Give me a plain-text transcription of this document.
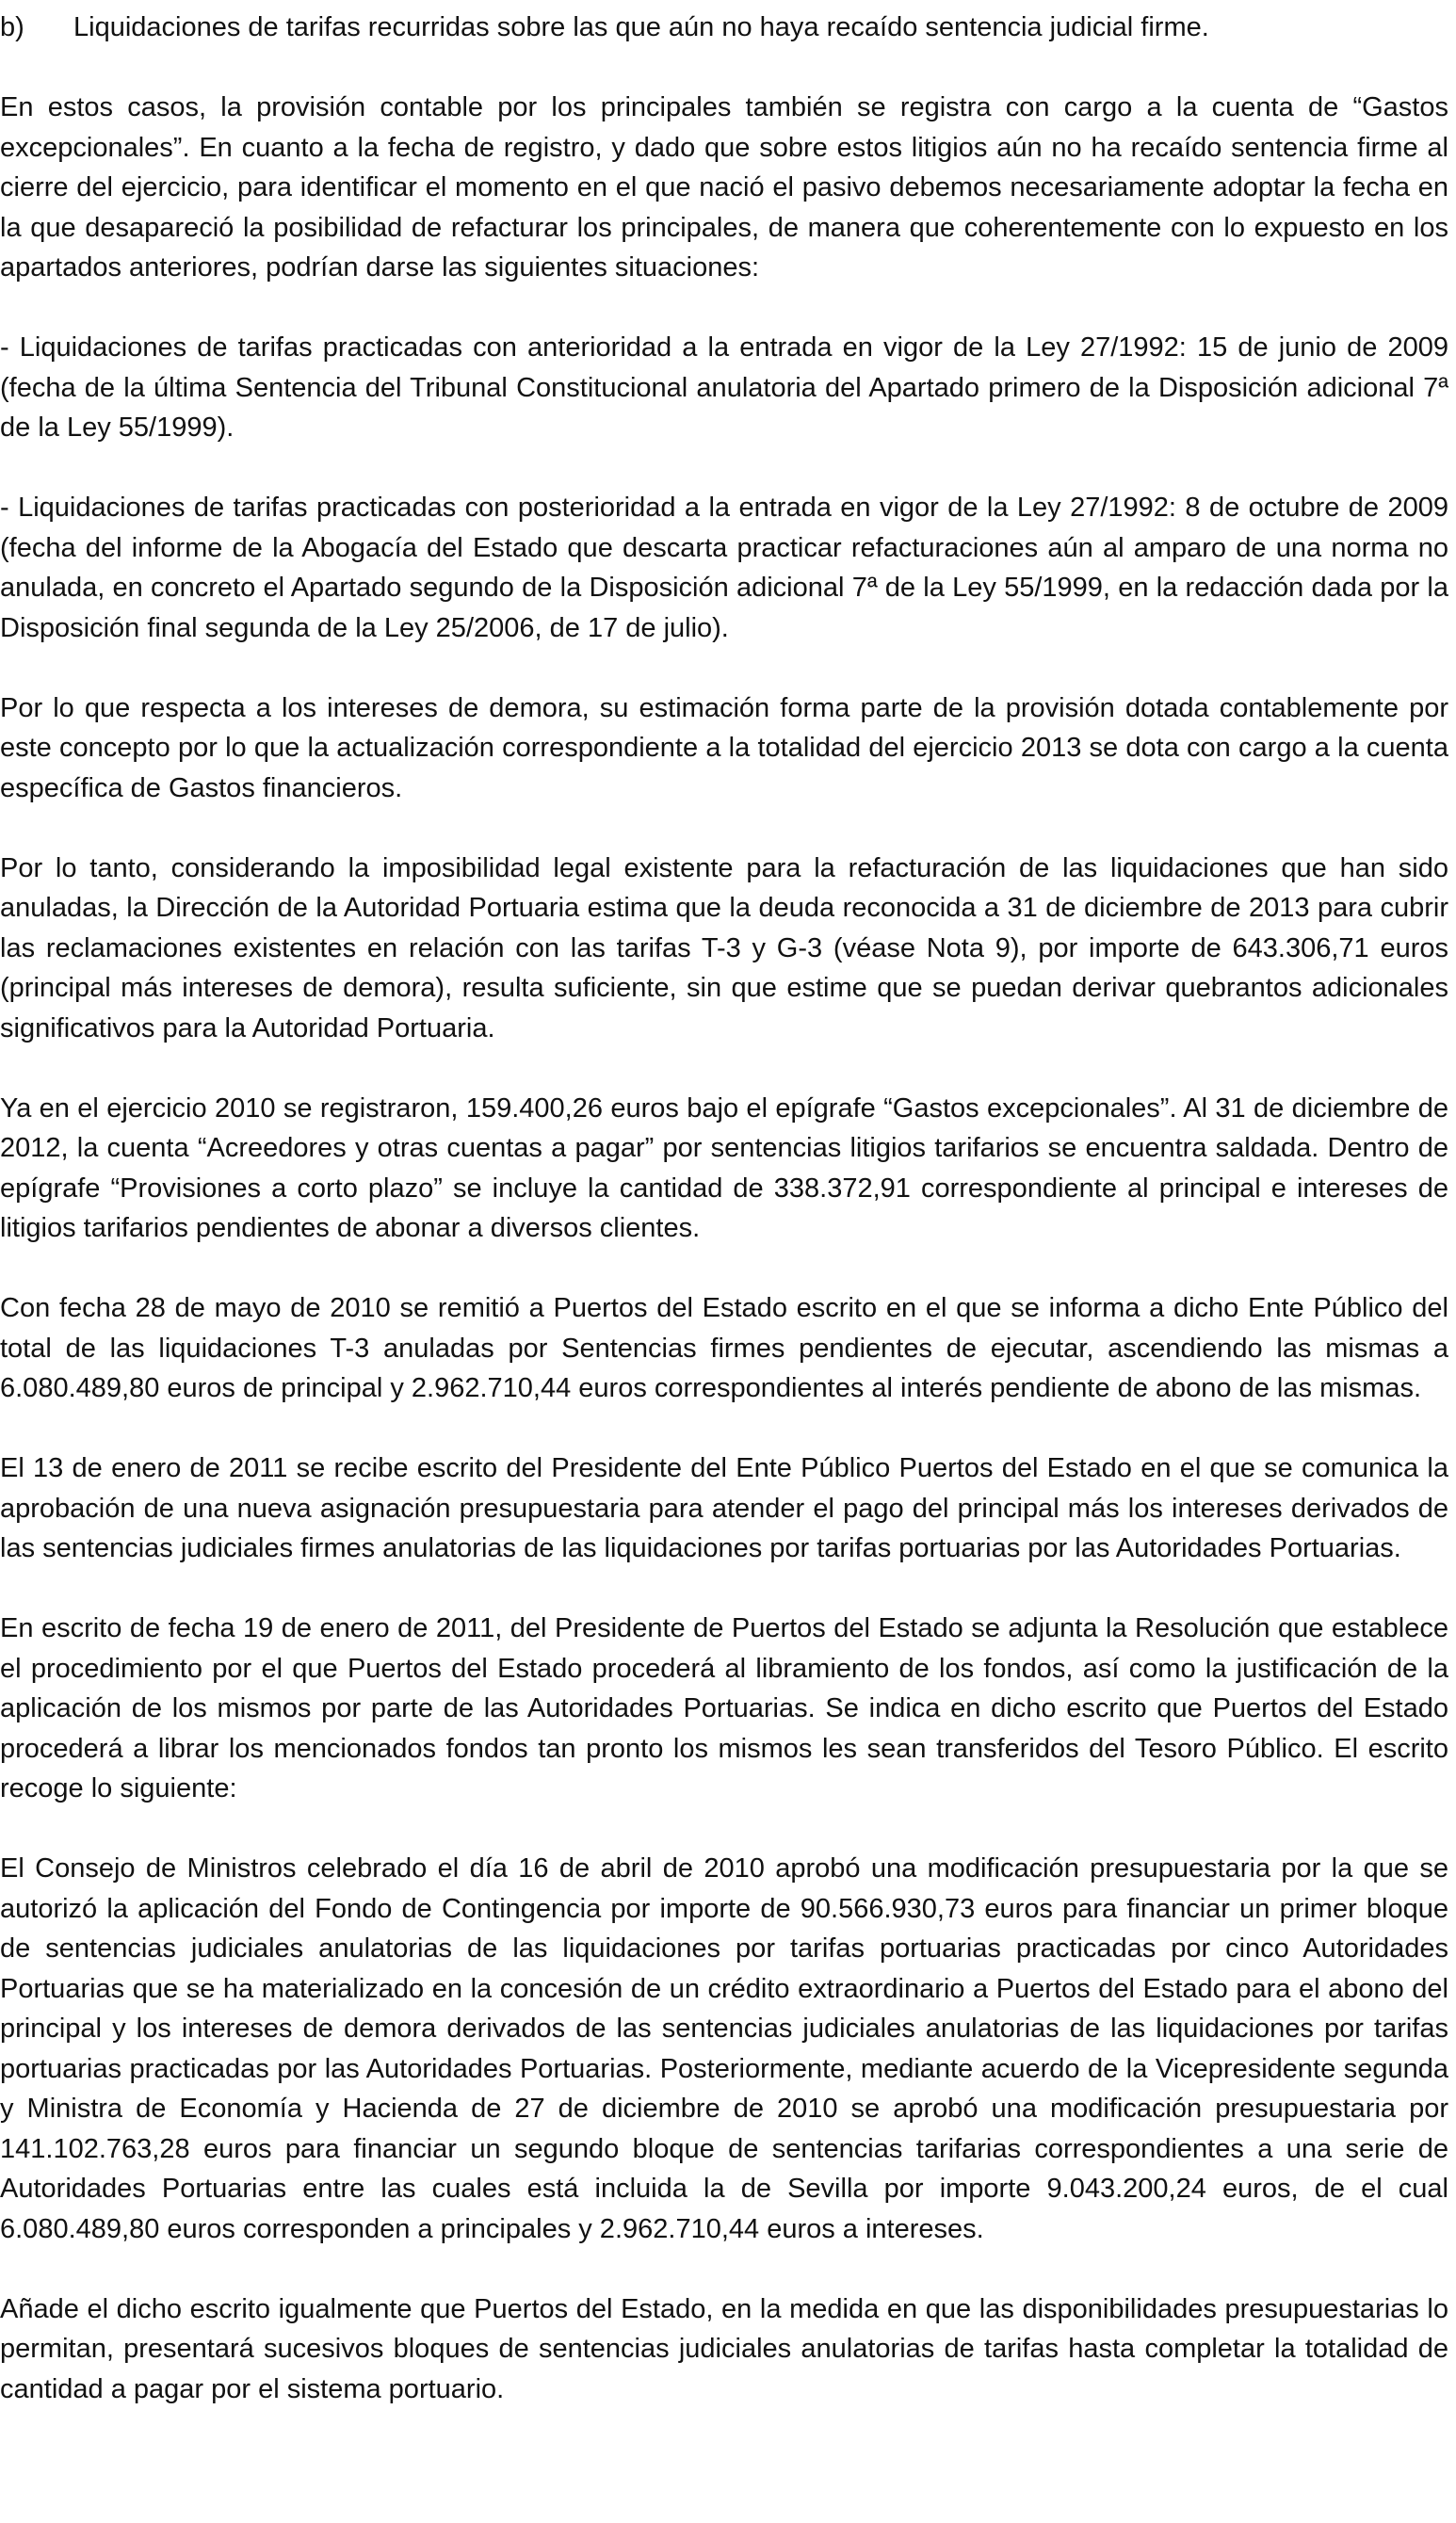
b)	Liquidaciones de tarifas recurridas sobre las que aún no haya recaído sentencia judicial firme.

En estos casos, la provisión contable por los principales también se registra con cargo a la cuenta de “Gastos excepcionales”. En cuanto a la fecha de registro, y dado que sobre estos litigios aún no ha recaído sentencia firme al cierre del ejercicio, para identificar el momento en el que nació el pasivo debemos necesariamente adoptar la fecha en la que desapareció la posibilidad de refacturar los principales, de manera que coherentemente con lo expuesto en los apartados anteriores, podrían darse las siguientes situaciones:

- Liquidaciones de tarifas practicadas con anterioridad a la entrada en vigor de la Ley 27/1992: 15 de junio de 2009 (fecha de la última Sentencia del Tribunal Constitucional anulatoria del Apartado primero de la Disposición adicional 7ª de la Ley 55/1999).

- Liquidaciones de tarifas practicadas con posterioridad a la entrada en vigor de la Ley 27/1992: 8 de octubre de 2009 (fecha del informe de la Abogacía del Estado que descarta practicar refacturaciones aún al amparo de una norma no anulada, en concreto el Apartado segundo de la Disposición adicional 7ª de la Ley 55/1999, en la redacción dada por la Disposición final segunda de la Ley 25/2006, de 17 de julio).

Por lo que respecta a los intereses de demora, su estimación forma parte de la provisión dotada contablemente por este concepto por lo que la actualización correspondiente a la totalidad del ejercicio 2013 se dota con cargo a la cuenta específica de Gastos financieros.

Por lo tanto, considerando la imposibilidad legal existente para la refacturación de las liquidaciones que han sido anuladas, la Dirección de la Autoridad Portuaria estima que la deuda reconocida a 31 de diciembre de 2013 para cubrir las reclamaciones existentes en relación con las tarifas T-3 y G-3 (véase Nota 9), por importe de 643.306,71 euros (principal más intereses de demora), resulta suficiente, sin que estime que se puedan derivar quebrantos adicionales significativos para la Autoridad Portuaria.

Ya en el ejercicio 2010 se registraron, 159.400,26 euros bajo el epígrafe “Gastos excepcionales”. Al 31 de diciembre de 2012, la cuenta “Acreedores y otras cuentas a pagar” por sentencias litigios tarifarios se encuentra saldada. Dentro de epígrafe “Provisiones a corto plazo” se incluye la cantidad de 338.372,91 correspondiente al principal e intereses de litigios tarifarios pendientes de abonar a diversos clientes.

Con fecha 28 de mayo de 2010 se remitió a Puertos del Estado escrito en el que se informa a dicho Ente Público del total de las liquidaciones T-3 anuladas por Sentencias firmes pendientes de ejecutar, ascendiendo las mismas a 6.080.489,80 euros de principal y 2.962.710,44 euros correspondientes al interés pendiente de abono de las mismas.

El 13 de enero de 2011 se recibe escrito del Presidente del Ente Público Puertos del Estado en el que se comunica la aprobación de una nueva asignación presupuestaria para atender el pago del principal más los intereses derivados de las sentencias judiciales firmes anulatorias de las liquidaciones por tarifas portuarias por las Autoridades Portuarias.

En escrito de fecha 19 de enero de 2011, del Presidente de Puertos del Estado se adjunta la Resolución que establece el procedimiento por el que Puertos del Estado procederá al libramiento de los fondos, así como la justificación de la aplicación de los mismos por parte de las Autoridades Portuarias. Se indica en dicho escrito que Puertos del Estado procederá a librar los mencionados fondos tan pronto los mismos les sean transferidos del Tesoro Público. El escrito recoge lo siguiente:

El Consejo de Ministros celebrado el día 16 de abril de 2010 aprobó una modificación presupuestaria por la que se autorizó la aplicación del Fondo de Contingencia por importe de 90.566.930,73 euros para financiar un primer bloque de sentencias judiciales anulatorias de las liquidaciones por tarifas portuarias practicadas por cinco Autoridades Portuarias que se ha materializado en la concesión de un crédito extraordinario a Puertos del Estado para el abono del principal y los intereses de demora derivados de las sentencias judiciales anulatorias de las liquidaciones por tarifas portuarias practicadas por las Autoridades Portuarias. Posteriormente, mediante acuerdo de la Vicepresidente segunda y Ministra de Economía y Hacienda de 27 de diciembre de 2010 se aprobó una modificación presupuestaria por 141.102.763,28 euros para financiar un segundo bloque de sentencias tarifarias correspondientes a una serie de Autoridades Portuarias entre las cuales está incluida la de Sevilla por importe 9.043.200,24 euros, de el cual 6.080.489,80 euros corresponden a principales y 2.962.710,44 euros a intereses.

Añade el dicho escrito igualmente que Puertos del Estado, en la medida en que las disponibilidades presupuestarias lo permitan, presentará sucesivos bloques de sentencias judiciales anulatorias de tarifas hasta completar la totalidad de cantidad a pagar por el sistema portuario.
